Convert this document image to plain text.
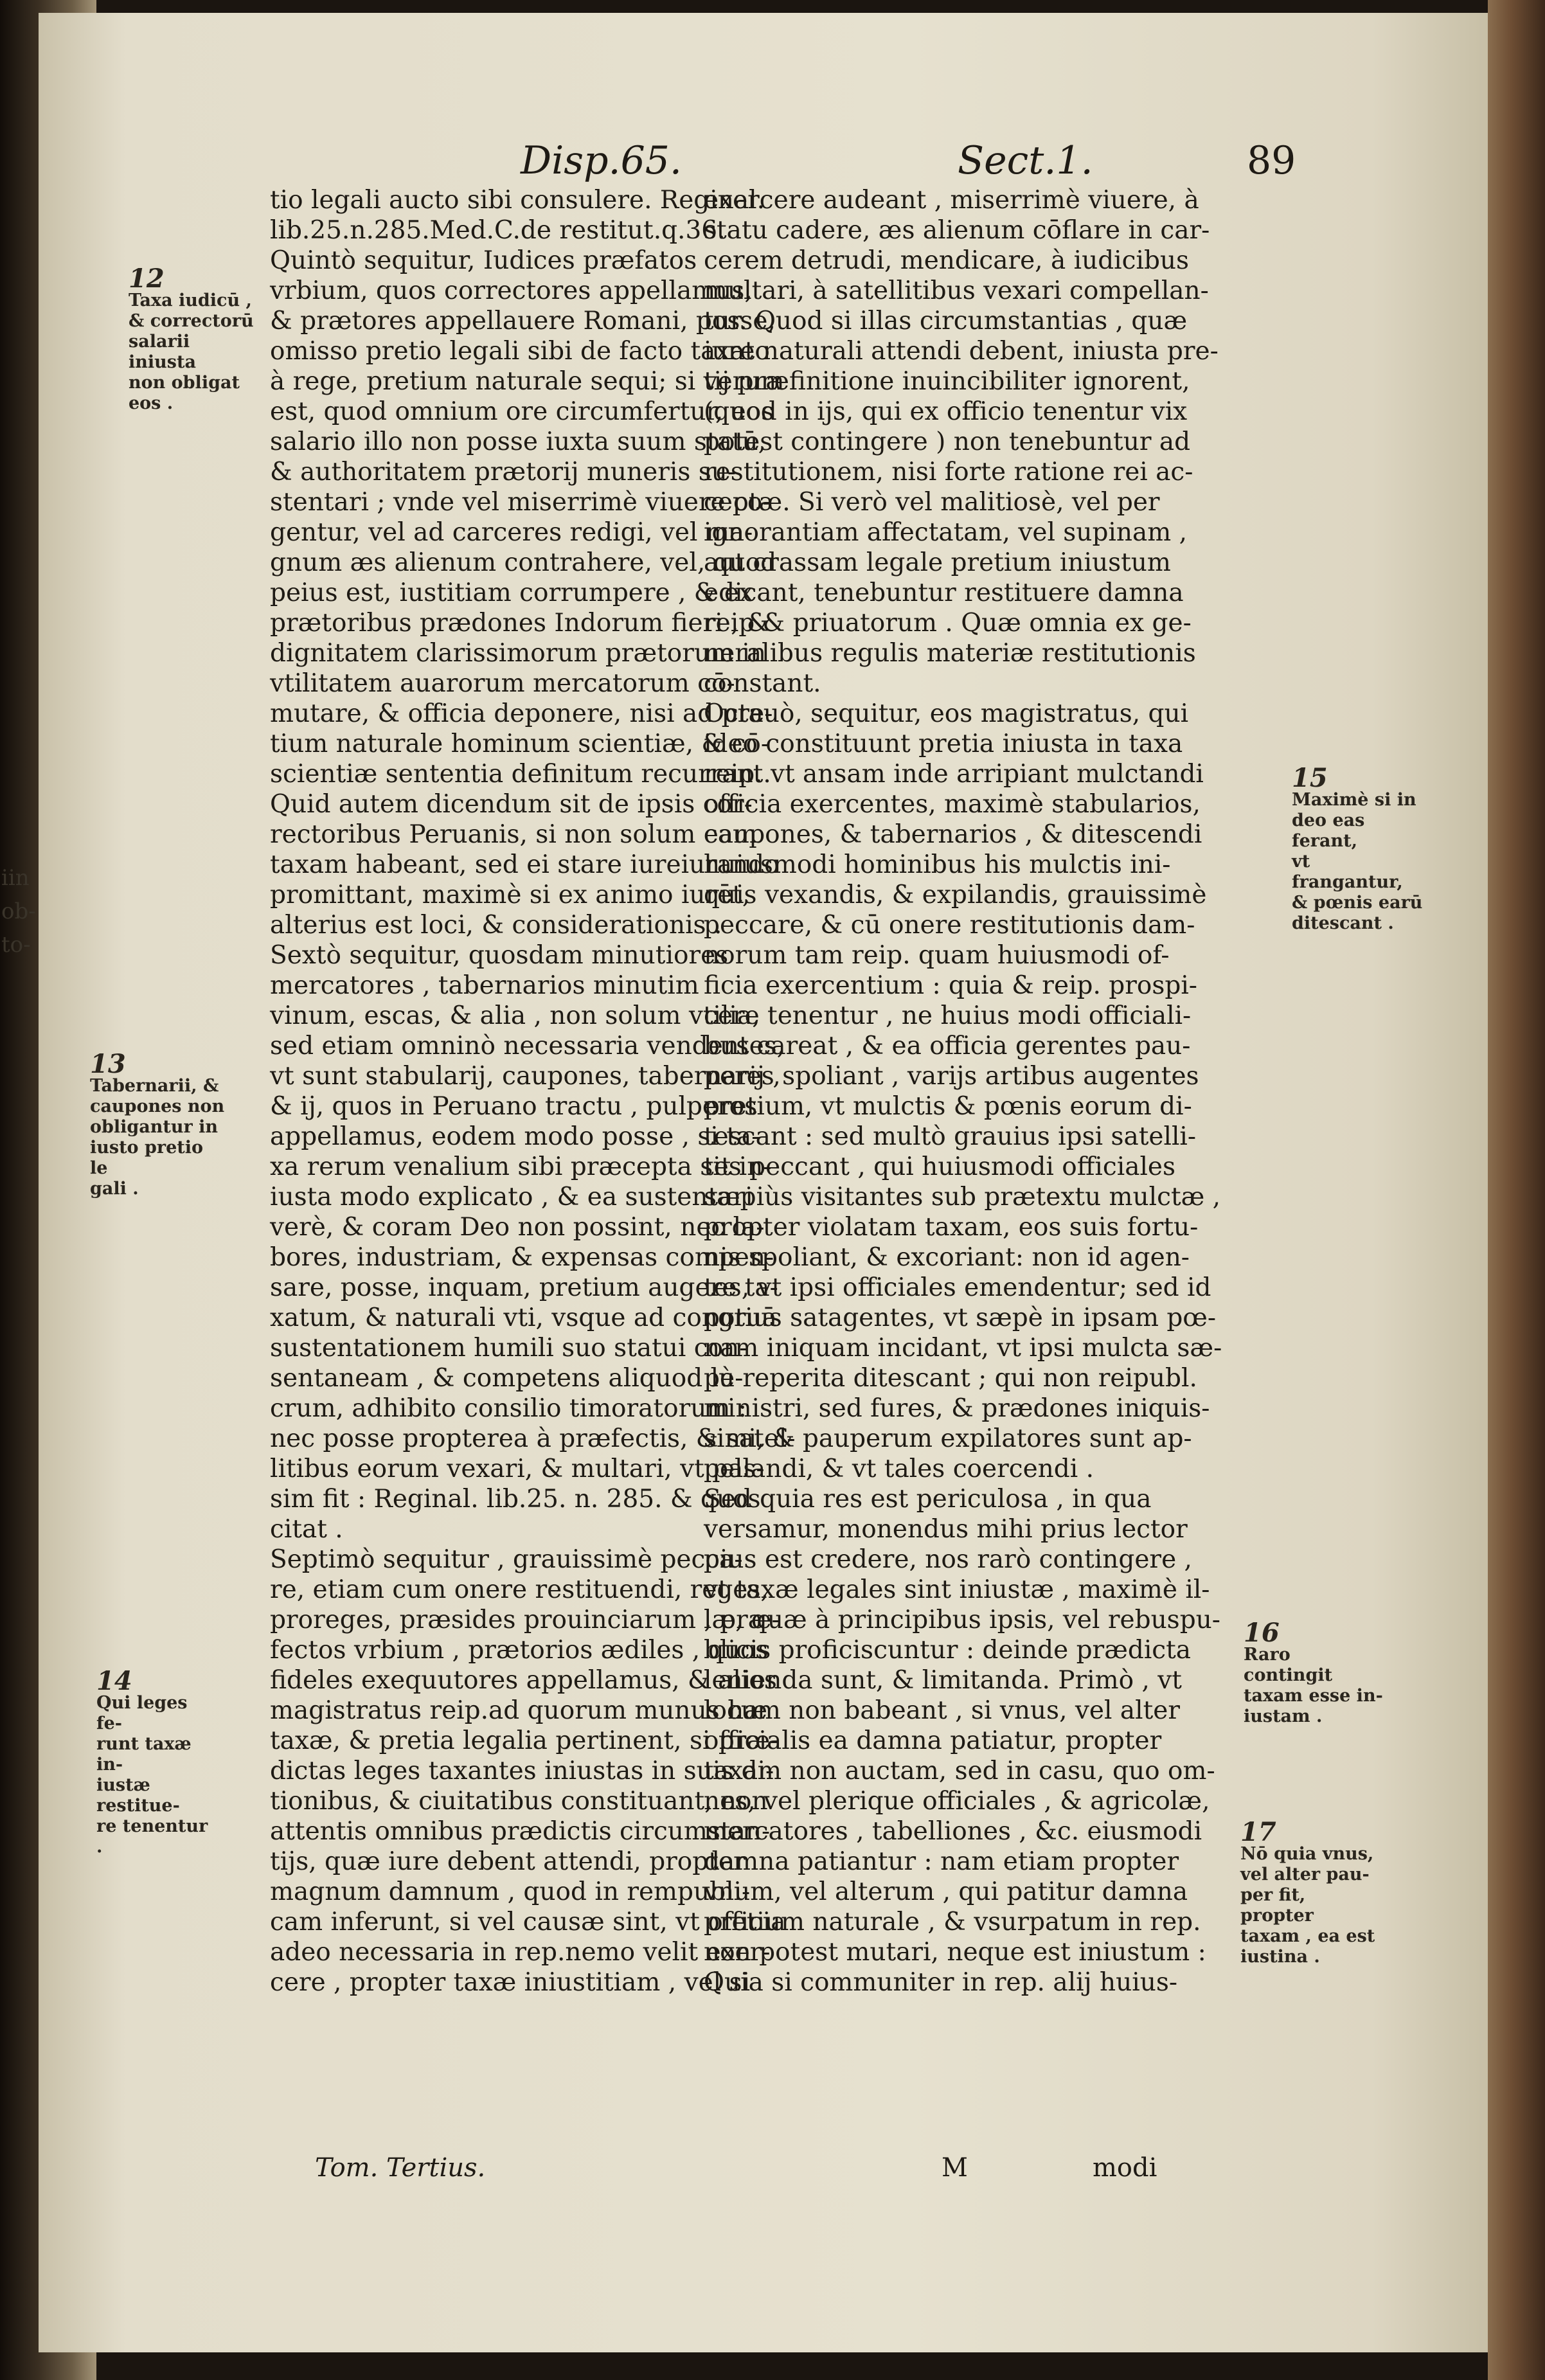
iin
ob-
to-
Disp.65.	Sect.1.	89
tio legali aucto sibi consulere. Reginal.
lib.25.n.285.Med.C.de restitut.q.36.
Quintò sequitur, Iudices præfatos
vrbium, quos correctores appellamus,
& prætores appellauere Romani, posse,
omisso pretio legali sibi de facto taxato
à rege, pretium naturale sequi; si verum
est, quod omnium ore circumfertur, eos
salario illo non posse iuxta suum statū,
& authoritatem prætorij muneris su-
stentari ; vnde vel miserrimè viuere co-
gentur, vel ad carceres redigi, vel ma-
gnum æs alienum contrahere, vel, quod
peius est, iustitiam corrumpere , & ex
prætoribus prædones Indorum fieri , &
dignitatem clarissimorum prætorum in
vtilitatem auarorum mercatorum cō-
mutare, & officia deponere, nisi ad pre-
tium naturale hominum scientiæ, & cō-
scientiæ sententia definitum recurrant.
Quid autem dicendum sit de ipsis cor-
rectoribus Peruanis, si non solum eam
taxam habeant, sed ei stare iureiurando
promittant, maximè si ex animo iurēt,
alterius est loci, & considerationis .
Sextò sequitur, quosdam minutiores
mercatores , tabernarios minutim
vinum, escas, & alia , non solum vtilia,
sed etiam omninò necessaria vendentes,
vt sunt stabularij, caupones, tabernarij ,
& ij, quos in Peruano tractu , pulperos
appellamus, eodem modo posse , si ta-
xa rerum venalium sibi præcepta sit in-
iusta modo explicato , & ea sustentari
verè, & coram Deo non possint, nec la-
bores, industriam, & expensas compen-
sare, posse, inquam, pretium augere ta-
xatum, & naturali vti, vsque ad congruā
sustentationem humili suo statui con-
sentaneam , & competens aliquod lu-
crum, adhibito consilio timoratorum :
nec posse propterea à præfectis, & satel-
litibus eorum vexari, & multari, vt pas-
sim fit : Reginal. lib.25. n. 285. & quos
citat .
Septimò sequitur , grauissimè pecca-
re, etiam cum onere restituendi, reges,
proreges, præsides prouinciarum , præ-
fectos vrbium , prætorios ædiles , quos
fideles exequutores appellamus, & alios
magistratus reip.ad quorum munus hæ
taxæ, & pretia legalia pertinent, si præ-
dictas leges taxantes iniustas in suis di-
tionibus, & ciuitatibus constituant, non
attentis omnibus prædictis circumstan-
tijs, quæ iure debent attendi, propter
magnum damnum , quod in rempubli-
cam inferunt, si vel causæ sint, vt officia
adeo necessaria in rep.nemo velit exer-
cere , propter taxæ iniustitiam , vel si
exercere audeant , miserrimè viuere, à
statu cadere, æs alienum cōflare in car-
cerem detrudi, mendicare, à iudicibus
multari, à satellitibus vexari compellan-
tur. Quod si illas circumstantias , quæ
iure naturali attendi debent, iniusta pre-
tij præfinitione inuincibiliter ignorent,
(quod in ijs, qui ex officio tenentur vix
potest contingere ) non tenebuntur ad
restitutionem, nisi forte ratione rei ac-
ceptæ. Si verò vel malitiosè, vel per
ignorantiam affectatam, vel supinam ,
aut crassam legale pretium iniustum
edicant, tenebuntur restituere damna
reip & priuatorum . Quæ omnia ex ge-
neralibus regulis materiæ restitutionis
constant.
Octauò, sequitur, eos magistratus, qui
ideo constituunt pretia iniusta in taxa
reip. vt ansam inde arripiant mulctandi
officia exercentes, maximè stabularios,
caupones, & tabernarios , & ditescendi
huiusmodi hominibus his mulctis ini-
quis vexandis, & expilandis, grauissimè
peccare, & cū onere restitutionis dam-
norum tam reip. quam huiusmodi of-
ficia exercentium : quia & reip. prospi-
cere tenentur , ne huius modi officiali-
bus careat , & ea officia gerentes pau-
peres spoliant , varijs artibus augentes
pretium, vt mulctis & pœnis eorum di-
tescant : sed multò grauius ipsi satelli-
tes peccant , qui huiusmodi officiales
sæpiùs visitantes sub prætextu mulctæ ,
propter violatam taxam, eos suis fortu-
nis spoliant, & excoriant: non id agen-
tes, vt ipsi officiales emendentur; sed id
potius satagentes, vt sæpè in ipsam pœ-
nam iniquam incidant, vt ipsi mulcta sæ-
pè reperita ditescant ; qui non reipubl.
ministri, sed fures, & prædones iniquis-
simi, & pauperum expilatores sunt ap-
pellandi, & vt tales coercendi .
Sed quia res est periculosa , in qua
versamur, monendus mihi prius lector
pius est credere, nos rarò contingere ,
vt taxæ legales sint iniustæ , maximè il-
læ, quæ à principibus ipsis, vel rebuspu-
blicis proficiscuntur : deinde prædicta
lenienda sunt, & limitanda. Primò , vt
locum non babeant , si vnus, vel alter
officialis ea damna patiatur, propter
taxam non auctam, sed in casu, quo om-
nes, vel plerique officiales , & agricolæ,
mercatores , tabelliones , &c. eiusmodi
damna patiantur : nam etiam propter
vnum, vel alterum , qui patitur damna
pretium naturale , & vsurpatum in rep.
non potest mutari, neque est iniustum :
Quia si communiter in rep. alij huius-
12
Taxa iudicū ,
& correctorū
salarii iniusta
non obligat
eos .
13
Tabernarii, &
caupones non
obligantur in
iusto pretio le
gali .
14
Qui leges fe-
runt taxæ in-
iustæ restitue-
re tenentur .
15
Maximè si in
deo eas ferant,
vt frangantur,
& pœnis earū
ditescant .
16
Raro contingit
taxam esse in-
iustam .
17
Nō quia vnus,
vel alter pau-
per fit, propter
taxam , ea est
iustina .
Tom. Tertius.	M	modi
